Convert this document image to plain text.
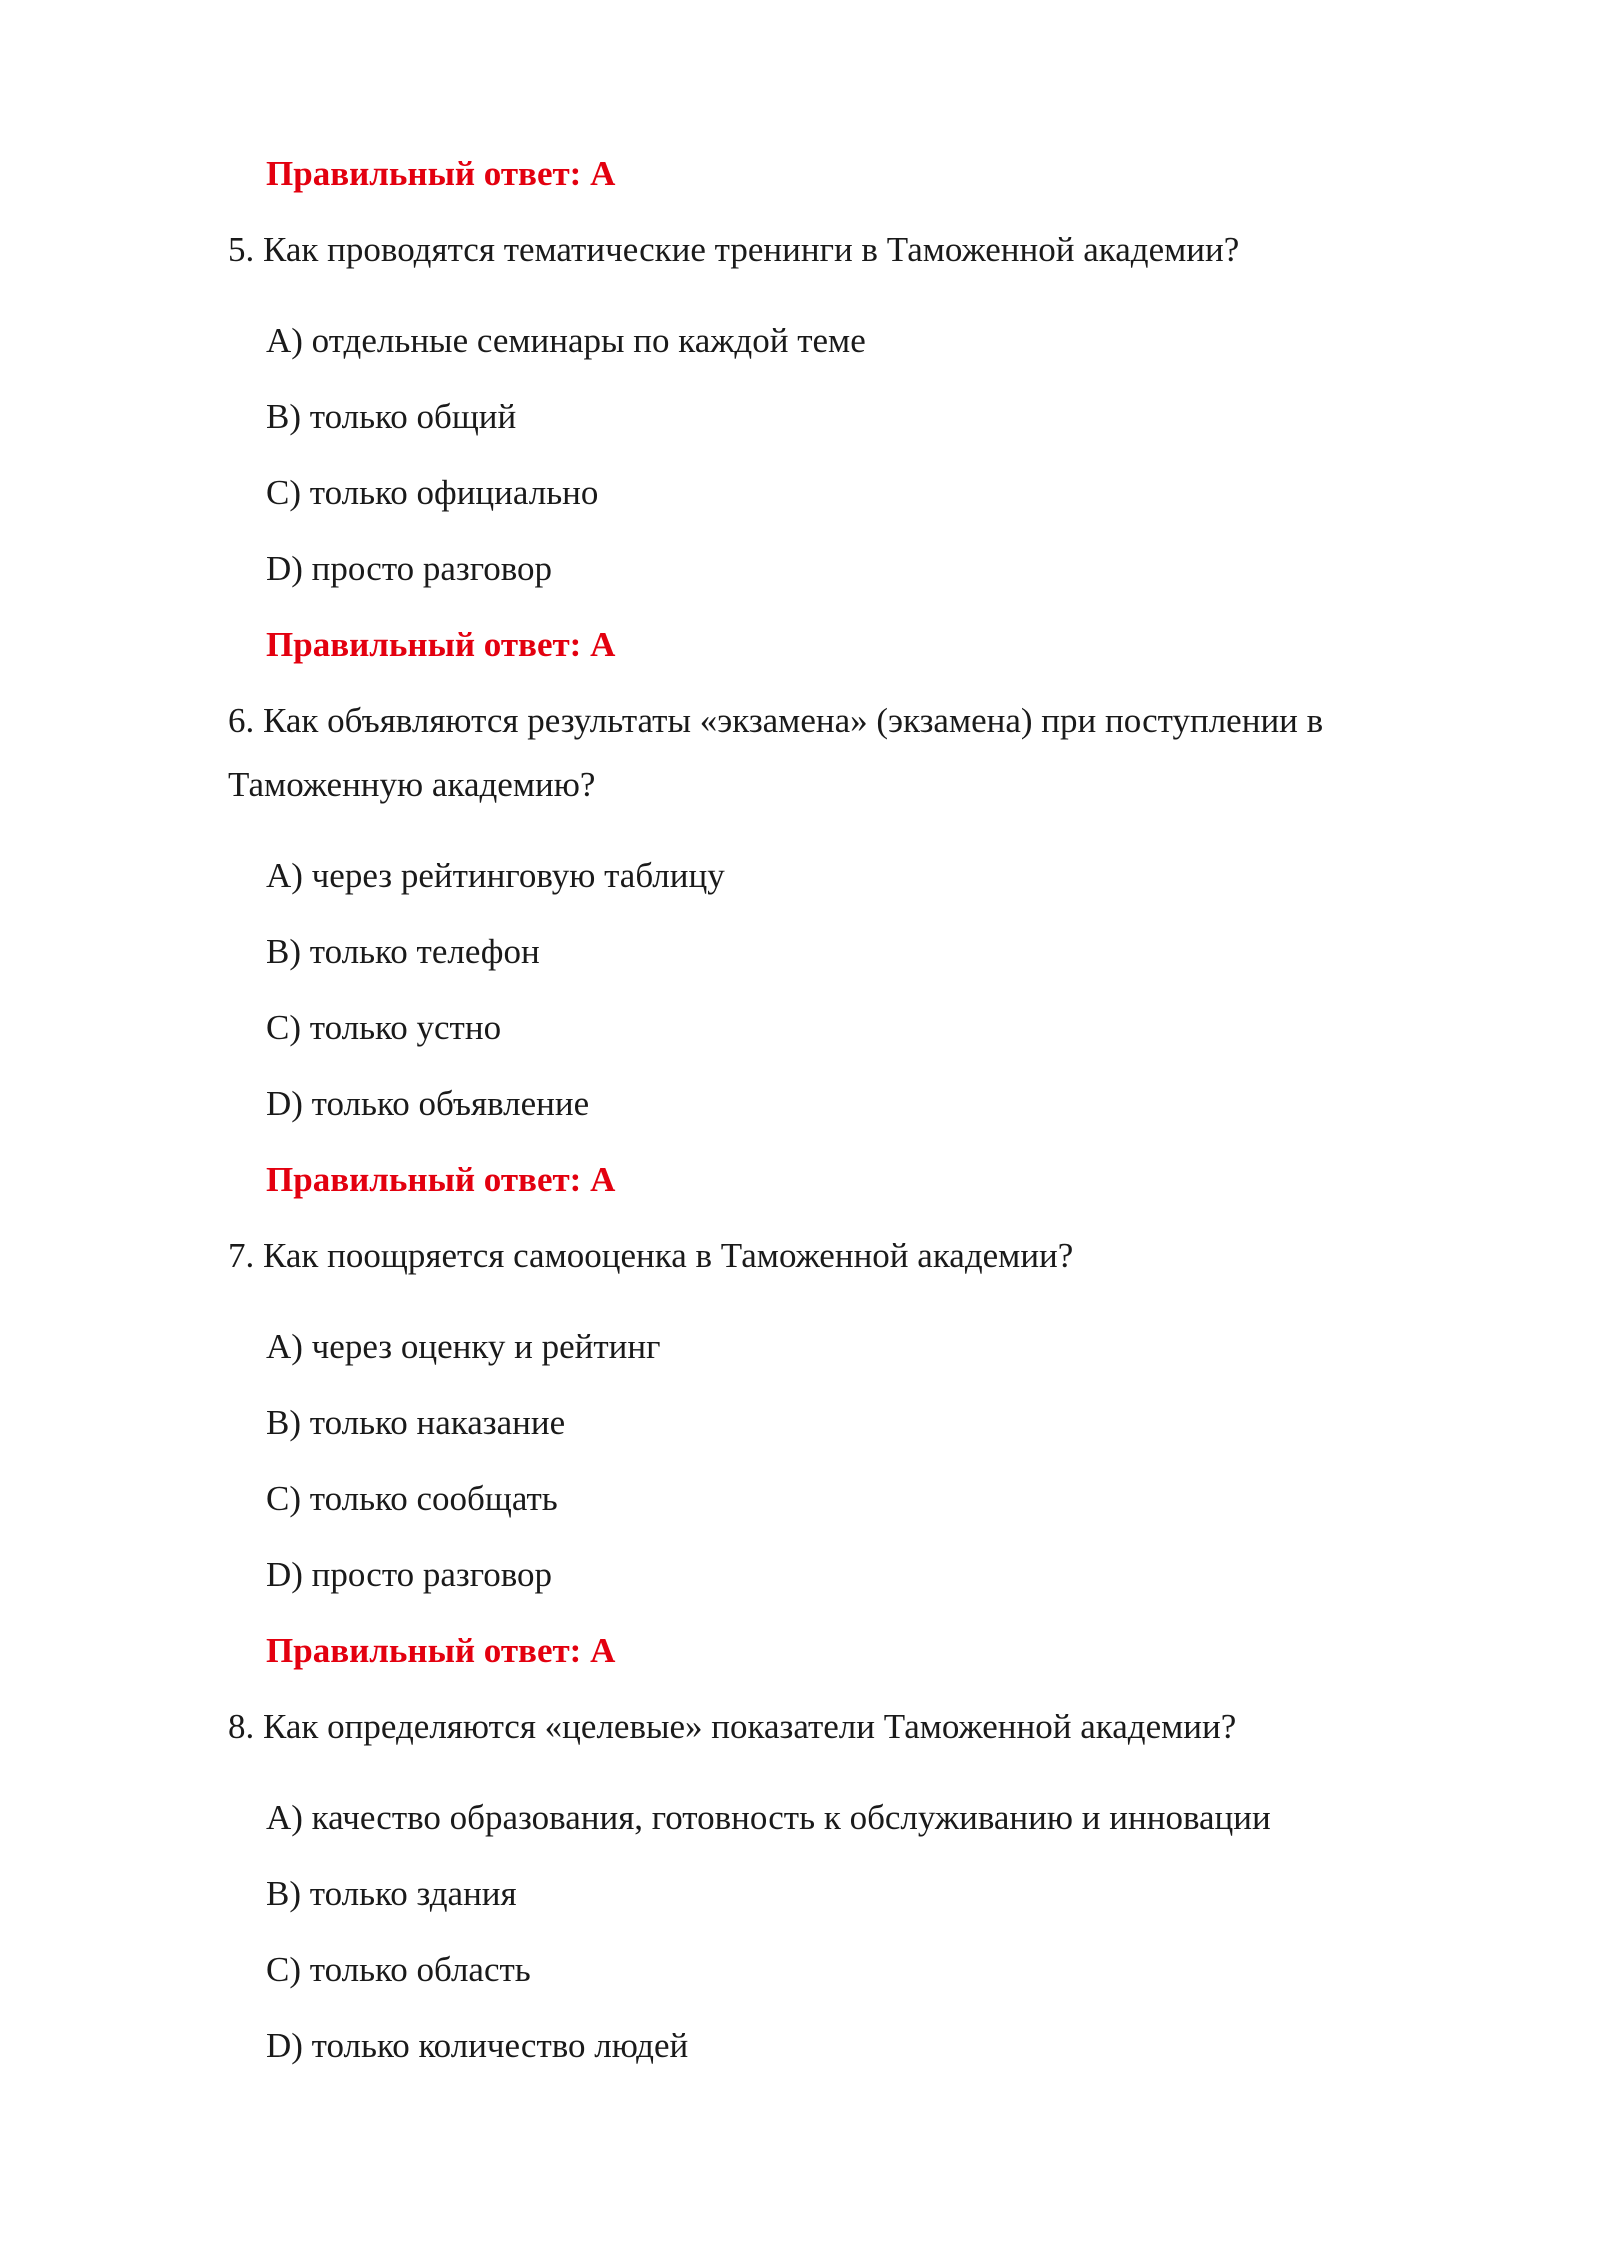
Правильный ответ: A

5. Как проводятся тематические тренинги в Таможенной академии?

A) отдельные семинары по каждой теме

B) только общий

C) только официально

D) просто разговор

Правильный ответ: A

6. Как объявляются результаты «экзамена» (экзамена) при поступлении в

Таможенную академию?

A) через рейтинговую таблицу

B) только телефон

C) только устно

D) только объявление

Правильный ответ: A

7. Как поощряется самооценка в Таможенной академии?

A) через оценку и рейтинг

B) только наказание

C) только сообщать

D) просто разговор

Правильный ответ: A

8. Как определяются «целевые» показатели Таможенной академии?

A) качество образования, готовность к обслуживанию и инновации

B) только здания

C) только область

D) только количество людей
